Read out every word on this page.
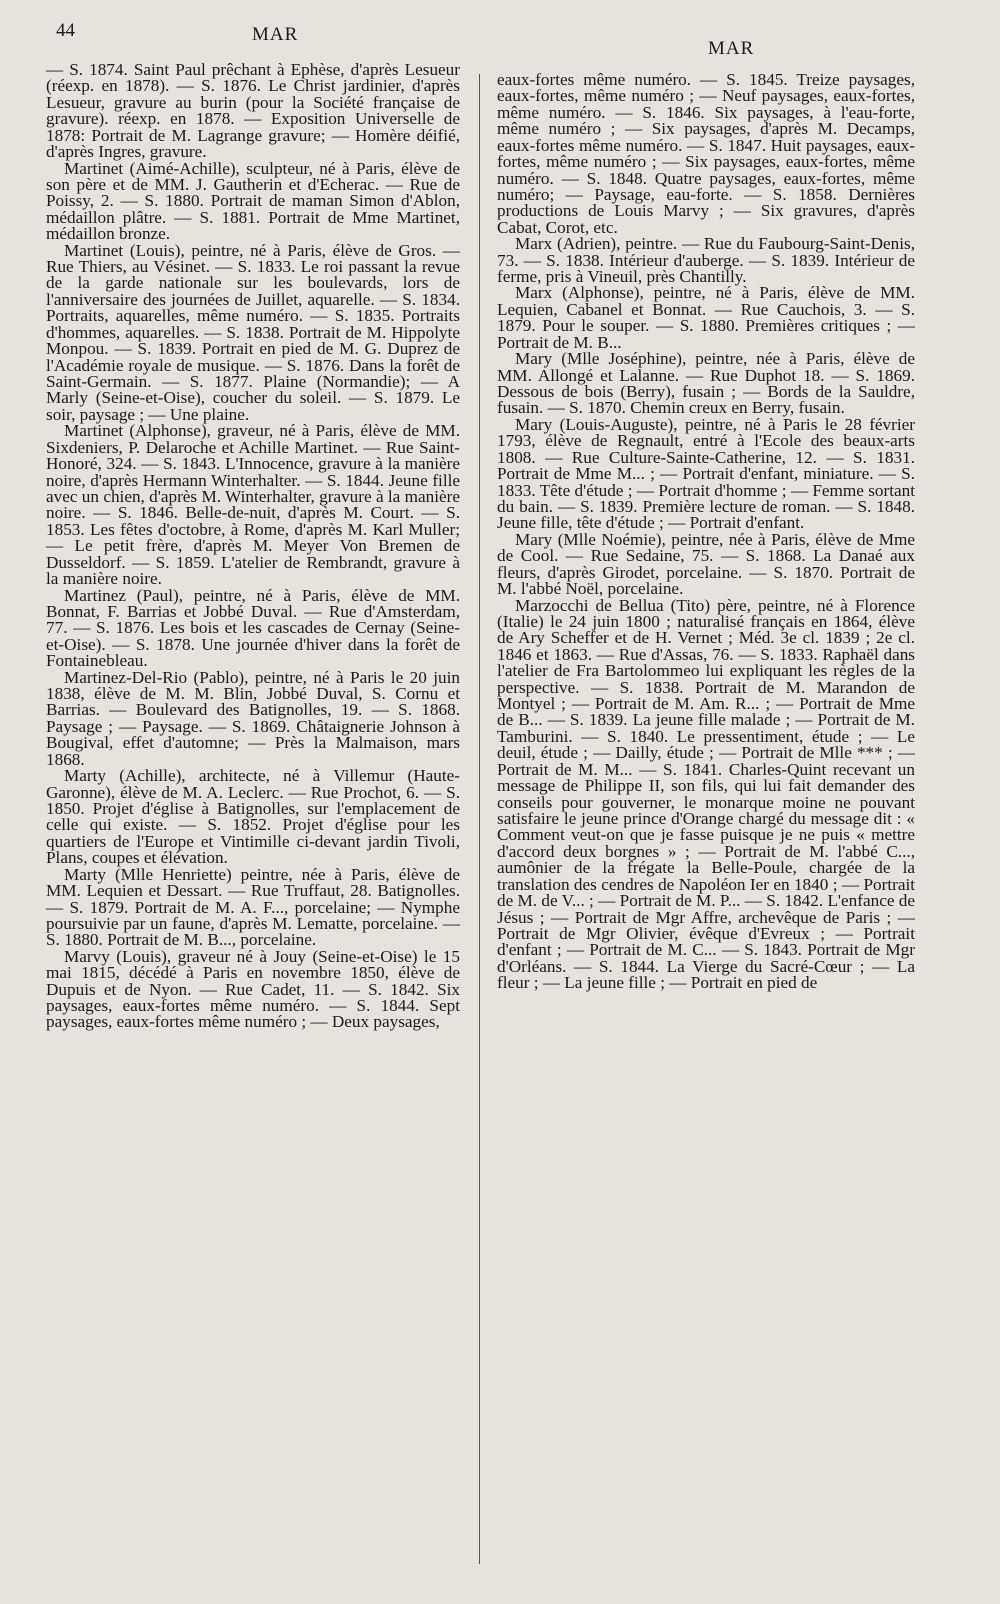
44	MAR
MAR

— S. 1874. Saint Paul prêchant à Ephèse, d'après Lesueur (réexp. en 1878). — S. 1876. Le Christ jardinier, d'après Lesueur, gravure au burin (pour la Société française de gravure). réexp. en 1878. — Exposition Universelle de 1878: Portrait de M. Lagrange gravure; — Homère déifié, d'après Ingres, gravure.

Martinet (Aimé-Achille), sculpteur, né à Paris, élève de son père et de MM. J. Gautherin et d'Echerac. — Rue de Poissy, 2. — S. 1880. Portrait de maman Simon d'Ablon, médaillon plâtre. — S. 1881. Portrait de Mme Martinet, médaillon bronze.

Martinet (Louis), peintre, né à Paris, élève de Gros. — Rue Thiers, au Vésinet. — S. 1833. Le roi passant la revue de la garde nationale sur les boulevards, lors de l'anniversaire des journées de Juillet, aquarelle. — S. 1834. Portraits, aquarelles, même numéro. — S. 1835. Portraits d'hommes, aquarelles. — S. 1838. Portrait de M. Hippolyte Monpou. — S. 1839. Portrait en pied de M. G. Duprez de l'Académie royale de musique. — S. 1876. Dans la forêt de Saint-Germain. — S. 1877. Plaine (Normandie); — A Marly (Seine-et-Oise), coucher du soleil. — S. 1879. Le soir, paysage ; — Une plaine.

Martinet (Alphonse), graveur, né à Paris, élève de MM. Sixdeniers, P. Delaroche et Achille Martinet. — Rue Saint-Honoré, 324. — S. 1843. L'Innocence, gravure à la manière noire, d'après Hermann Winterhalter. — S. 1844. Jeune fille avec un chien, d'après M. Winterhalter, gravure à la manière noire. — S. 1846. Belle-de-nuit, d'après M. Court. — S. 1853. Les fêtes d'octobre, à Rome, d'après M. Karl Muller; — Le petit frère, d'après M. Meyer Von Bremen de Dusseldorf. — S. 1859. L'atelier de Rembrandt, gravure à la manière noire.

Martinez (Paul), peintre, né à Paris, élève de MM. Bonnat, F. Barrias et Jobbé Duval. — Rue d'Amsterdam, 77. — S. 1876. Les bois et les cascades de Cernay (Seine-et-Oise). — S. 1878. Une journée d'hiver dans la forêt de Fontainebleau.

Martinez-Del-Rio (Pablo), peintre, né à Paris le 20 juin 1838, élève de M. M. Blin, Jobbé Duval, S. Cornu et Barrias. — Boulevard des Batignolles, 19. — S. 1868. Paysage ; — Paysage. — S. 1869. Châtaignerie Johnson à Bougival, effet d'automne; — Près la Malmaison, mars 1868.

Marty (Achille), architecte, né à Villemur (Haute-Garonne), élève de M. A. Leclerc. — Rue Prochot, 6. — S. 1850. Projet d'église à Batignolles, sur l'emplacement de celle qui existe. — S. 1852. Projet d'église pour les quartiers de l'Europe et Vintimille ci-devant jardin Tivoli, Plans, coupes et élévation.

Marty (Mlle Henriette) peintre, née à Paris, élève de MM. Lequien et Dessart. — Rue Truffaut, 28. Batignolles. — S. 1879. Portrait de M. A. F..., porcelaine; — Nymphe poursuivie par un faune, d'après M. Lematte, porcelaine. — S. 1880. Portrait de M. B..., porcelaine.

Marvy (Louis), graveur né à Jouy (Seine-et-Oise) le 15 mai 1815, décédé à Paris en novembre 1850, élève de Dupuis et de Nyon. — Rue Cadet, 11. — S. 1842. Six paysages, eaux-fortes même numéro. — S. 1844. Sept paysages, eaux-fortes même numéro ; — Deux paysages,

eaux-fortes même numéro. — S. 1845. Treize paysages, eaux-fortes, même numéro ; — Neuf paysages, eaux-fortes, même numéro. — S. 1846. Six paysages, à l'eau-forte, même numéro ; — Six paysages, d'après M. Decamps, eaux-fortes même numéro. — S. 1847. Huit paysages, eaux-fortes, même numéro ; — Six paysages, eaux-fortes, même numéro. — S. 1848. Quatre paysages, eaux-fortes, même numéro; — Paysage, eau-forte. — S. 1858. Dernières productions de Louis Marvy ; — Six gravures, d'après Cabat, Corot, etc.

Marx (Adrien), peintre. — Rue du Faubourg-Saint-Denis, 73. — S. 1838. Intérieur d'auberge. — S. 1839. Intérieur de ferme, pris à Vineuil, près Chantilly.

Marx (Alphonse), peintre, né à Paris, élève de MM. Lequien, Cabanel et Bonnat. — Rue Cauchois, 3. — S. 1879. Pour le souper. — S. 1880. Premières critiques ; — Portrait de M. B...

Mary (Mlle Joséphine), peintre, née à Paris, élève de MM. Allongé et Lalanne. — Rue Duphot 18. — S. 1869. Dessous de bois (Berry), fusain ; — Bords de la Sauldre, fusain. — S. 1870. Chemin creux en Berry, fusain.

Mary (Louis-Auguste), peintre, né à Paris le 28 février 1793, élève de Regnault, entré à l'Ecole des beaux-arts 1808. — Rue Culture-Sainte-Catherine, 12. — S. 1831. Portrait de Mme M... ; — Portrait d'enfant, miniature. — S. 1833. Tête d'étude ; — Portrait d'homme ; — Femme sortant du bain. — S. 1839. Première lecture de roman. — S. 1848. Jeune fille, tête d'étude ; — Portrait d'enfant.

Mary (Mlle Noémie), peintre, née à Paris, élève de Mme de Cool. — Rue Sedaine, 75. — S. 1868. La Danaé aux fleurs, d'après Girodet, porcelaine. — S. 1870. Portrait de M. l'abbé Noël, porcelaine.

Marzocchi de Bellua (Tito) père, peintre, né à Florence (Italie) le 24 juin 1800 ; naturalisé français en 1864, élève de Ary Scheffer et de H. Vernet ; Méd. 3e cl. 1839 ; 2e cl. 1846 et 1863. — Rue d'Assas, 76. — S. 1833. Raphaël dans l'atelier de Fra Bartolommeo lui expliquant les règles de la perspective. — S. 1838. Portrait de M. Marandon de Montyel ; — Portrait de M. Am. R... ; — Portrait de Mme de B... — S. 1839. La jeune fille malade ; — Portrait de M. Tamburini. — S. 1840. Le pressentiment, étude ; — Le deuil, étude ; — Dailly, étude ; — Portrait de Mlle *** ; — Portrait de M. M... — S. 1841. Charles-Quint recevant un message de Philippe II, son fils, qui lui fait demander des conseils pour gouverner, le monarque moine ne pouvant satisfaire le jeune prince d'Orange chargé du message dit : « Comment veut-on que je fasse puisque je ne puis « mettre d'accord deux borgnes » ; — Portrait de M. l'abbé C..., aumônier de la frégate la Belle-Poule, chargée de la translation des cendres de Napoléon Ier en 1840 ; — Portrait de M. de V... ; — Portrait de M. P... — S. 1842. L'enfance de Jésus ; — Portrait de Mgr Affre, archevêque de Paris ; — Portrait de Mgr Olivier, évêque d'Evreux ; — Portrait d'enfant ; — Portrait de M. C... — S. 1843. Portrait de Mgr d'Orléans. — S. 1844. La Vierge du Sacré-Cœur ; — La fleur ; — La jeune fille ; — Portrait en pied de
